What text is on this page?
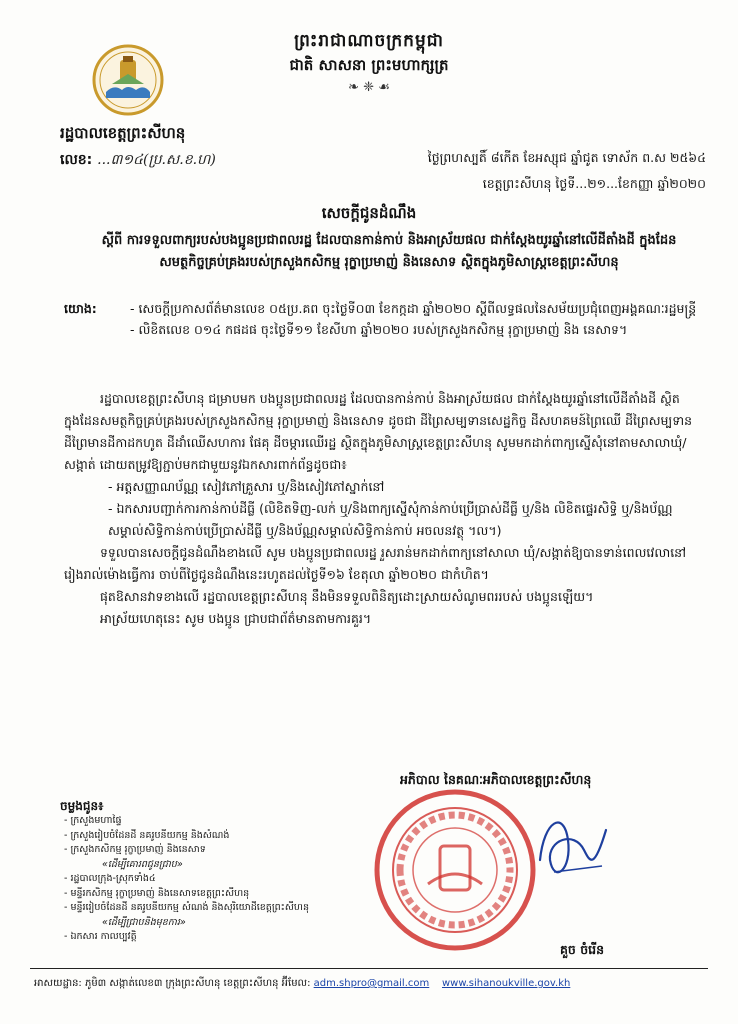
ព្រះរាជាណាចក្រកម្ពុជា
ជាតិ សាសនា ព្រះមហាក្សត្រ
❧ ❈ ☙
រដ្ឋបាលខេត្តព្រះសីហនុ
លេខ: ...៣១៤(ប្រ.ស.ខ.ហ)	ថ្ងៃព្រហស្បតិ៍ ៨កើត ខែអស្សុជ ឆ្នាំជូត ទោស័ក ព.ស ២៥៦៤
ខេត្តព្រះសីហនុ ថ្ងៃទី...២១...ខែកញ្ញា ឆ្នាំ២០២០
សេចក្តីជូនដំណឹង
ស្តីពី ការទទួលពាក្យរបស់បងប្អូនប្រជាពលរដ្ឋ ដែលបានកាន់កាប់ និងអាស្រ័យផល ជាក់ស្តែងយូរឆ្នាំនៅលើដីតាំងដី ក្នុងដែនសមត្ថកិច្ចគ្រប់គ្រងរបស់ក្រសួងកសិកម្ម រុក្ខាប្រមាញ់ និងនេសាទ ស្ថិតក្នុងភូមិសាស្ត្រខេត្តព្រះសីហនុ
យោង:	- សេចក្តីប្រកាសព័ត៌មានលេខ ០៥ប្រ.គព ចុះថ្ងៃទី០៣ ខែកក្កដា ឆ្នាំ២០២០ ស្តីពីលទ្ធផលនៃសម័យប្រជុំពេញអង្គគណៈរដ្ឋមន្ត្រី
- លិខិតលេខ ០១៤ កផដផ ចុះថ្ងៃទី១១ ខែសីហា ឆ្នាំ២០២០ របស់ក្រសួងកសិកម្ម រុក្ខាប្រមាញ់ និង នេសាទ។

រដ្ឋបាលខេត្តព្រះសីហនុ ជម្រាបមក បងប្អូនប្រជាពលរដ្ឋ ដែលបានកាន់កាប់ និងអាស្រ័យផល ជាក់ស្តែងយូរឆ្នាំនៅលើដីតាំងដី ស្ថិតក្នុងដែនសមត្ថកិច្ចគ្រប់គ្រងរបស់ក្រសួងកសិកម្ម រុក្ខាប្រមាញ់ និងនេសាទ ដូចជា ដីព្រៃសម្បទានសេដ្ឋកិច្ច ដីសហគមន៍ព្រៃឈើ ដីព្រៃសម្បទាន ដីព្រៃមានដីកាដកហូត ដីដាំឈើសហការ ផែគុ ដីចម្ការឈើរដ្ឋ ស្ថិតក្នុងភូមិសាស្ត្រខេត្តព្រះសីហនុ សូមមកដាក់ពាក្យស្នើសុំនៅតាមសាលាឃុំ/សង្កាត់ ដោយតម្រូវឱ្យភ្ជាប់មកជាមួយនូវឯកសារពាក់ព័ន្ធដូចជា៖

- អត្តសញ្ញាណប័ណ្ណ សៀវភៅគ្រួសារ ឬ/និងសៀវភៅស្នាក់នៅ
- ឯកសារបញ្ជាក់ការកាន់កាប់ដីធ្លី (លិខិតទិញ-លក់ ឬ/និងពាក្យស្នើសុំកាន់កាប់ប្រើប្រាស់ដីធ្លី ឬ/និង លិខិតផ្ទេរសិទ្ធិ ឬ/និងប័ណ្ណសម្គាល់សិទ្ធិកាន់កាប់ប្រើប្រាស់ដីធ្លី ឬ/និងប័ណ្ណសម្គាល់សិទ្ធិកាន់កាប់ អចលនវត្ថុ ។ល។)

ទទួលបានសេចក្តីជូនដំណឹងខាងលើ សូម បងប្អូនប្រជាពលរដ្ឋ រួសរាន់មកដាក់ពាក្យនៅសាលា ឃុំ/សង្កាត់ឱ្យបានទាន់ពេលវេលានៅរៀងរាល់ម៉ោងធ្វើការ ចាប់ពីថ្ងៃជូនដំណឹងនេះរហូតដល់ថ្ងៃទី១៦ ខែតុលា ឆ្នាំ២០២០ ជាកំហិត។

ផុតឱសានវាទខាងលើ រដ្ឋបាលខេត្តព្រះសីហនុ នឹងមិនទទួលពិនិត្យដោះស្រាយសំណូមពររបស់ បងប្អូនឡើយ។

អាស្រ័យហេតុនេះ សូម បងប្អូន ជ្រាបជាព័ត៌មានតាមការគួរ។

អភិបាល នៃគណៈអភិបាលខេត្តព្រះសីហនុ
គួច ចំរើន
ចម្លងជូន៖
- ក្រសួងមហាផ្ទៃ
- ក្រសួងរៀបចំដែនដី នគរូបនីយកម្ម និងសំណង់
- ក្រសួងកសិកម្ម រុក្ខាប្រមាញ់ និងនេសាទ
«ដើម្បីគោរពជូនជ្រាប»
- រដ្ឋបាលក្រុង-ស្រុកទាំង៤
- មន្ទីរកសិកម្ម រុក្ខាប្រមាញ់ និងនេសាទខេត្តព្រះសីហនុ
- មន្ទីររៀបចំដែនដី នគរូបនីយកម្ម សំណង់ និងសុរិយោដីខេត្តព្រះសីហនុ
«ដើម្បីជ្រាបនិងមុខការ»
- ឯកសារ កាលប្បវត្តិ
អាសយដ្ឋាន: ភូមិ៣ សង្កាត់លេខ៣ ក្រុងព្រះសីហនុ ខេត្តព្រះសីហនុ អ៊ីមែល: adm.shpro@gmail.com www.sihanoukville.gov.kh
